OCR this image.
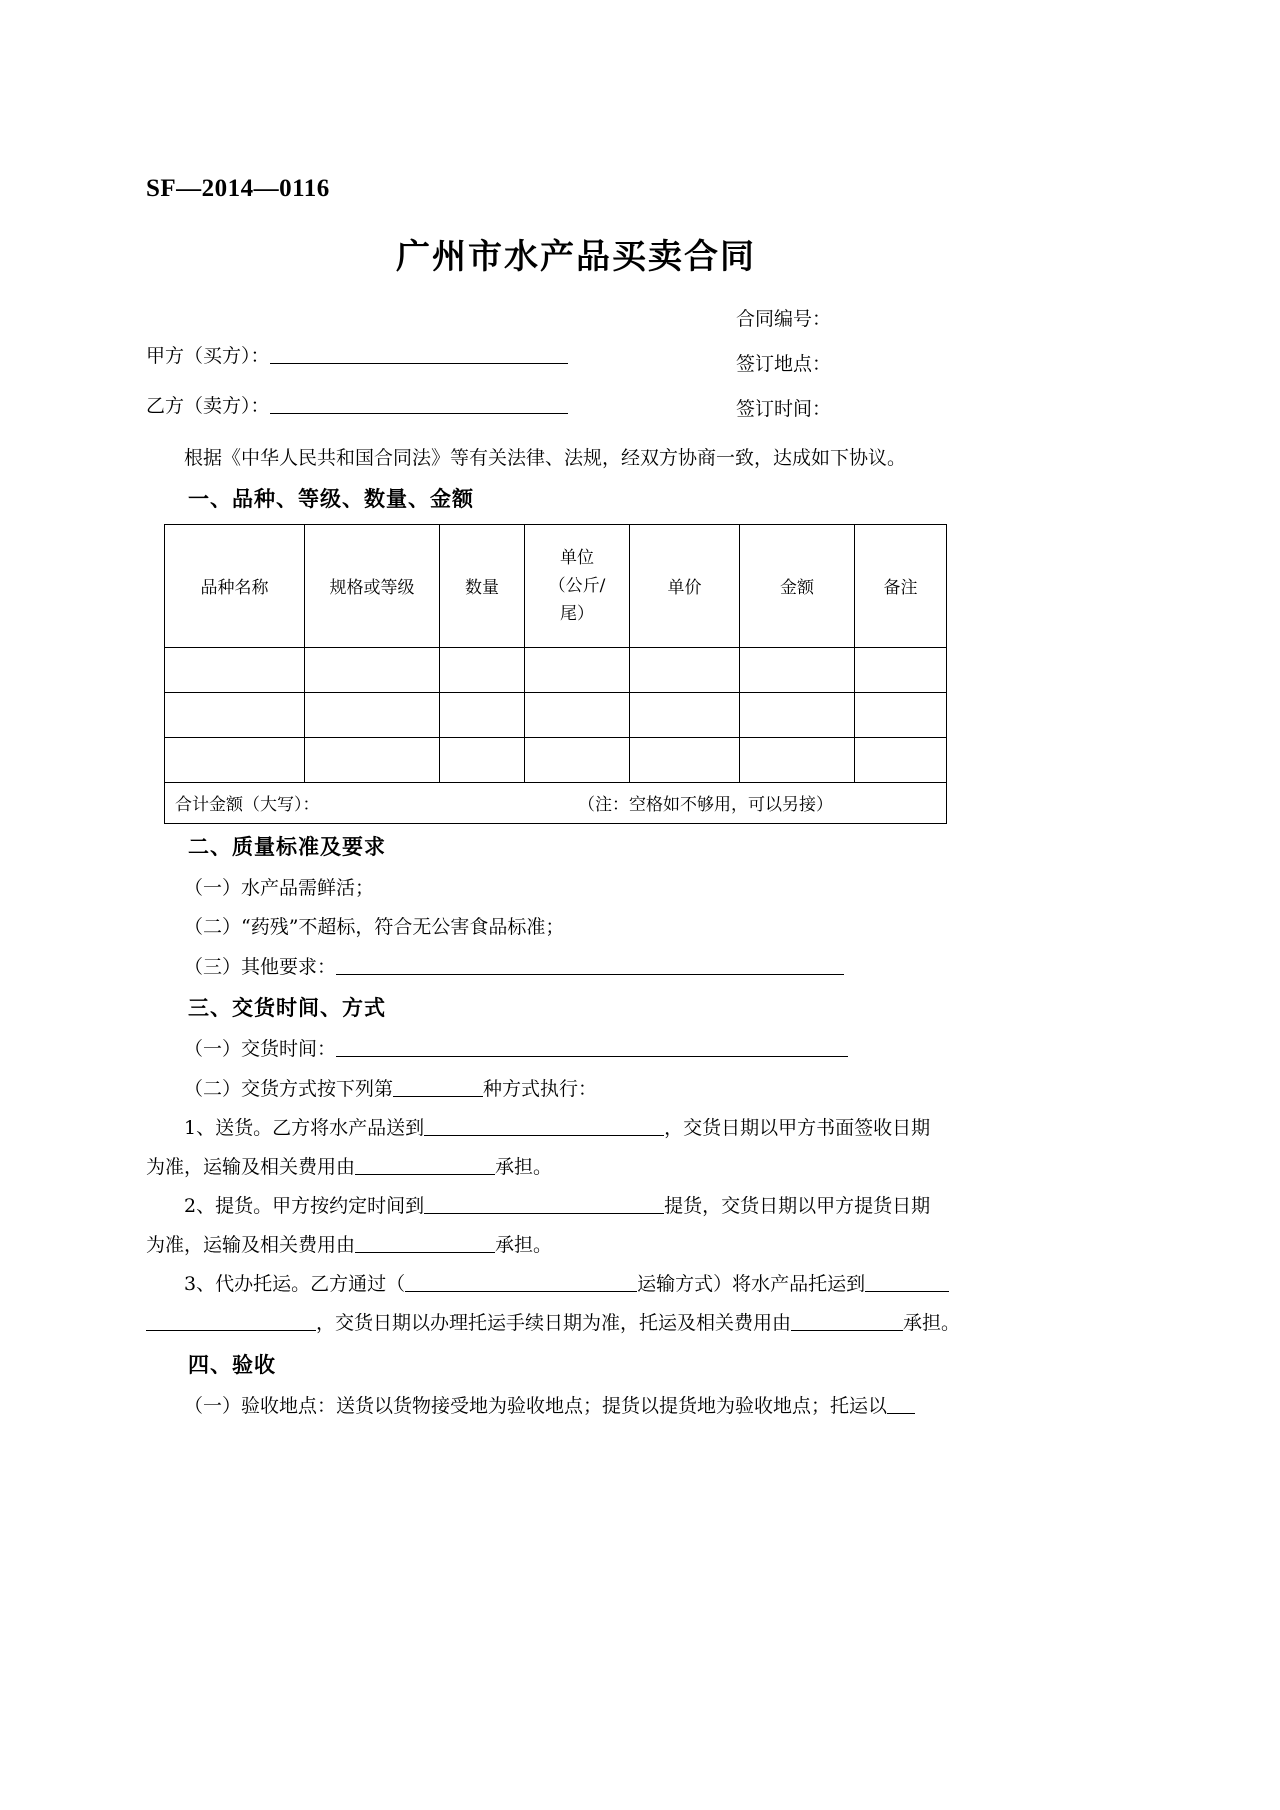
SF—2014—0116
广州市水产品买卖合同
合同编号：
签订地点：
签订时间：
甲方（买方）：
乙方（卖方）：

根据《中华人民共和国合同法》等有关法律、法规，经双方协商一致，达成如下协议。

一、品种、等级、数量、金额
品种名称	规格或等级	数量	单位
（公斤/
尾）	单价	金额	备注

合计金额（大写）： （注：空格如不够用，可以另接）						
二、质量标准及要求

（一）水产品需鲜活；

（二）“药残”不超标，符合无公害食品标准；

（三）其他要求：

三、交货时间、方式

（一）交货时间：

（二）交货方式按下列第	种方式执行：

1、送货。乙方将水产品送到	，交货日期以甲方书面签收日期

为准，运输及相关费用由	承担。

2、提货。甲方按约定时间到	提货，交货日期以甲方提货日期

为准，运输及相关费用由	承担。

3、代办托运。乙方通过（	运输方式）将水产品托运到

，交货日期以办理托运手续日期为准，托运及相关费用由	承担。

四、验收

（一）验收地点：送货以货物接受地为验收地点；提货以提货地为验收地点；托运以
